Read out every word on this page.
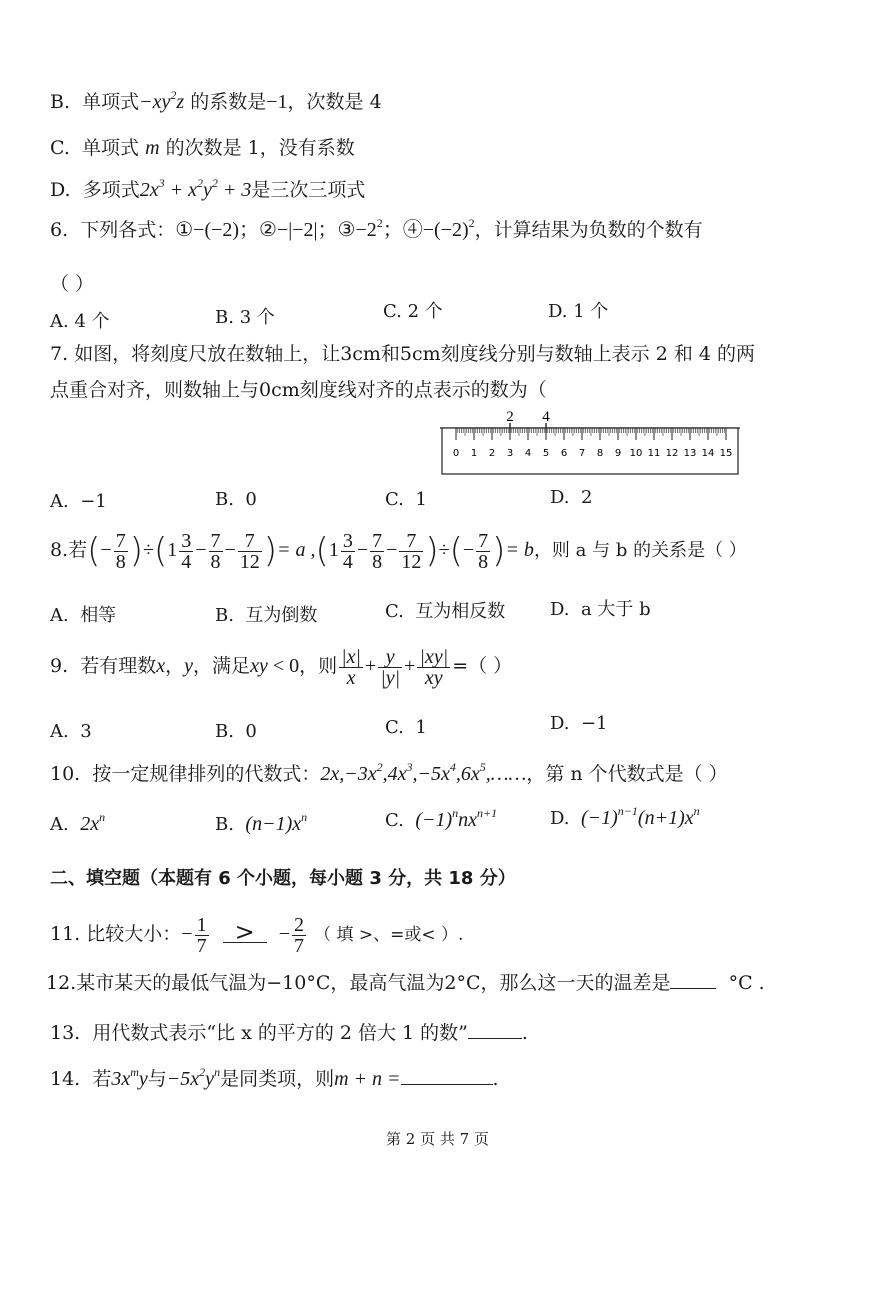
B. 单项式$-xy^2z$ 的系数是−1，次数是 4
C. 单项式 m 的次数是 1，没有系数
D. 多项式$2x^3 + x^2y^2 + 3$是三次三项式
6. 下列各式：①−(−2)；②−|−2|；$③-2^2$；$④-(-2)^2$，计算结果为负数的个数有
（ ）
A. 4 个	B. 3 个	C. 2 个	D. 1 个
7. 如图，将刻度尺放在数轴上，让3cm和5cm刻度线分别与数轴上表示 2 和 4 的两
点重合对齐，则数轴上与0cm刻度线对齐的点表示的数为（
2 4
0 1 2 3 4 5 6 7 8 9 10 11 12 13 14 15
A. −1	B. 0	C. 1	D. 2
8.若(− $\frac{7}{8} )\div(1 \frac{3}{4} - \frac{7}{8} - \frac{7}{12}$ )= a $,(1 \frac{3}{4} - \frac{7}{8} - \frac{7}{12}$ )÷(− $\frac{7}{8}$ )= b，则 a 与 b 的关系是（ ）
A. 相等	B. 互为倒数	C. 互为相反数 D. a 大于 b
9. 若有理数x，y，满足xy < 0，则 $\frac{|x|}{x} + \frac{y}{|y|} + \frac{|xy|}{xy}$ =（ ）
A. 3	B. 0	C. 1	D. −1
10. 按一定规律排列的代数式：$2x,-3x^2,4x^3,-5x^4,6x^5,\dots\dots$，第 n 个代数式是（ ）
A. $2x^n$	B. $(n-1)x^n$	C. $(-1)^nnx^{n+1}$	D. $(-1)^{n-1}(n+1)x^n$
二、填空题（本题有 6 个小题，每小题 3 分，共 18 分）
11. 比较大小：− $\frac{1}{7}$ > − $\frac{2}{7}$ （ 填 >、=或< ）.
12.某市某天的最低气温为−10°C，最高气温为2°C，那么这一天的温差是	°C .
13. 用代数式表示“比 x 的平方的 2 倍大 1 的数”	.
14. 若$3x^my$与$-5x^2y^n$是同类项，则m + n =	.
第 2 页 共 7 页
